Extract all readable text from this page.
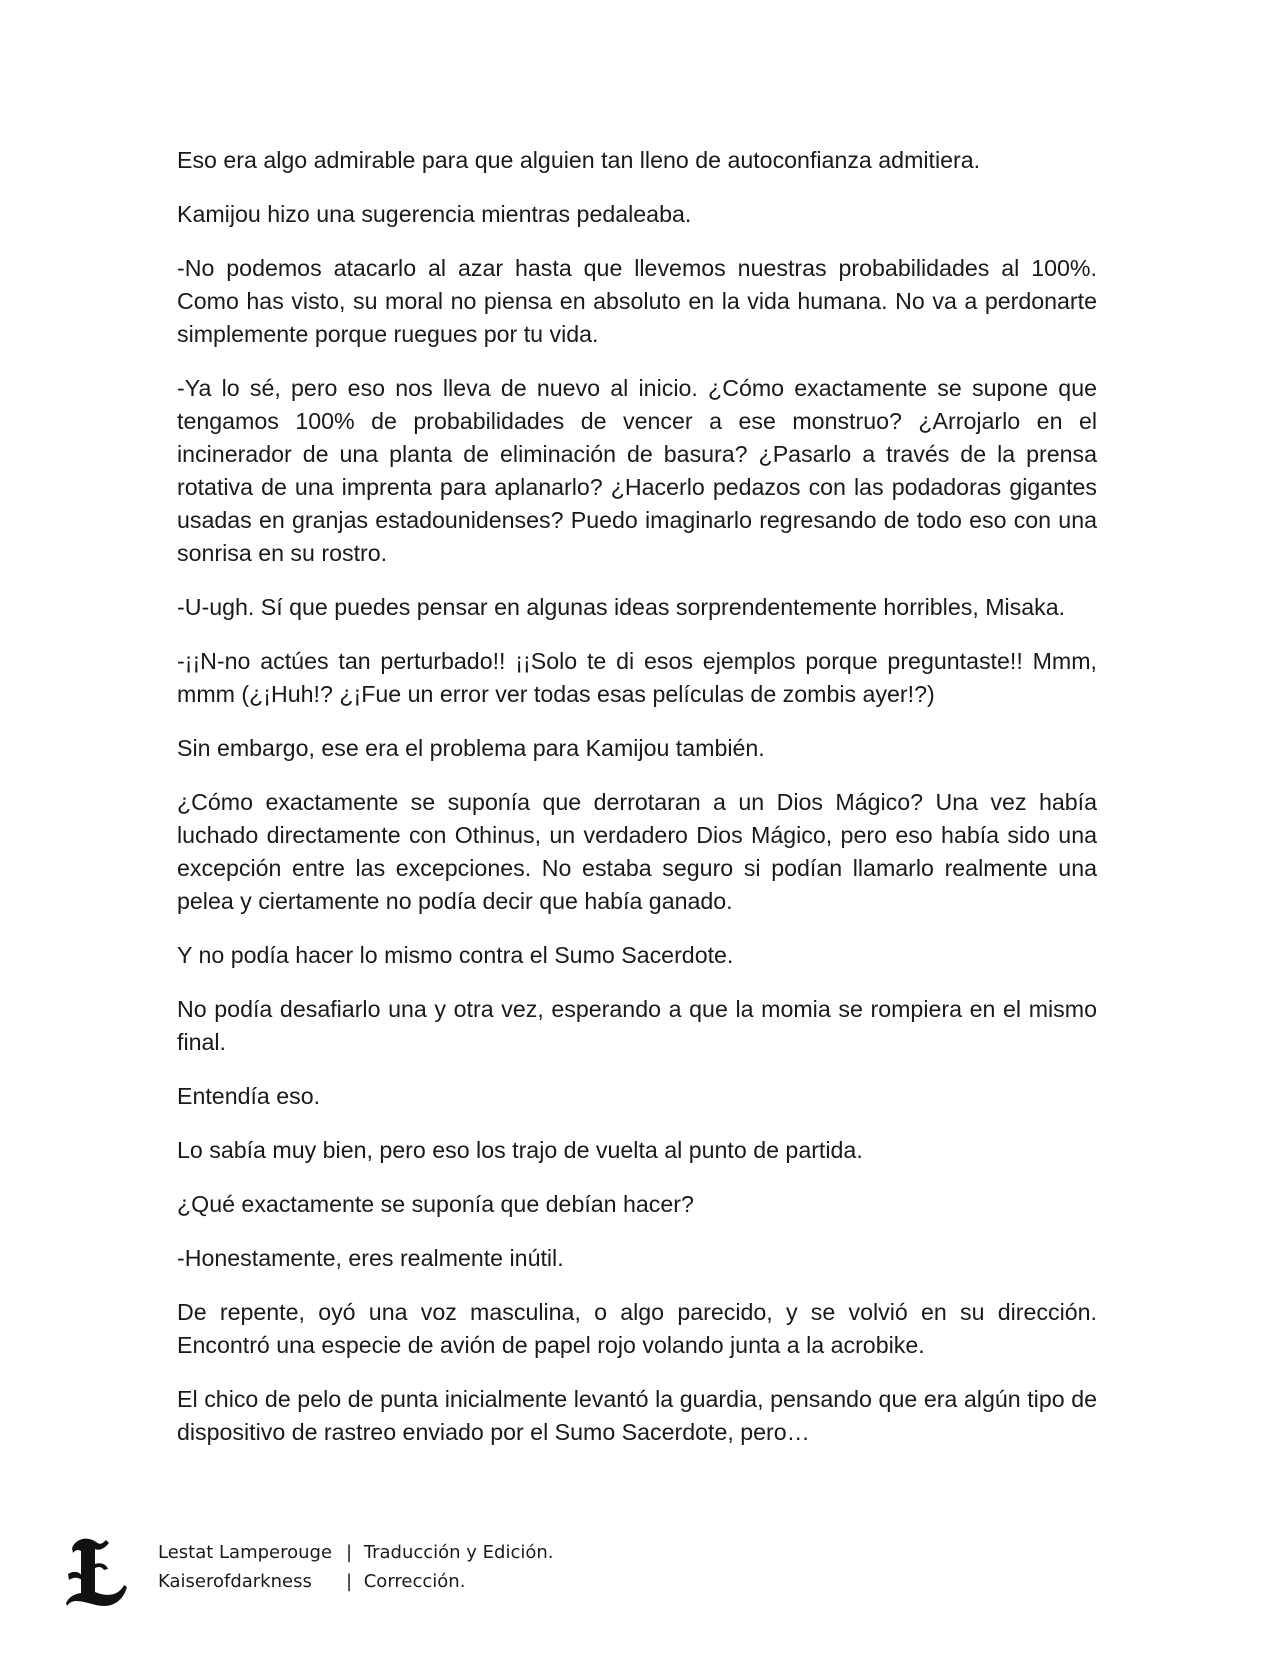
Eso era algo admirable para que alguien tan lleno de autoconfianza admitiera.

Kamijou hizo una sugerencia mientras pedaleaba.

-No podemos atacarlo al azar hasta que llevemos nuestras probabilidades al 100%. Como has visto, su moral no piensa en absoluto en la vida humana. No va a perdonarte simplemente porque ruegues por tu vida.

-Ya lo sé, pero eso nos lleva de nuevo al inicio. ¿Cómo exactamente se supone que tengamos 100% de probabilidades de vencer a ese monstruo? ¿Arrojarlo en el incinerador de una planta de eliminación de basura? ¿Pasarlo a través de la prensa rotativa de una imprenta para aplanarlo? ¿Hacerlo pedazos con las podadoras gigantes usadas en granjas estadounidenses? Puedo imaginarlo regresando de todo eso con una sonrisa en su rostro.

-U-ugh. Sí que puedes pensar en algunas ideas sorprendentemente horribles, Misaka.

-¡¡N-no actúes tan perturbado!! ¡¡Solo te di esos ejemplos porque preguntaste!! Mmm, mmm (¿¡Huh!? ¿¡Fue un error ver todas esas películas de zombis ayer!?)

Sin embargo, ese era el problema para Kamijou también.

¿Cómo exactamente se suponía que derrotaran a un Dios Mágico? Una vez había luchado directamente con Othinus, un verdadero Dios Mágico, pero eso había sido una excepción entre las excepciones. No estaba seguro si podían llamarlo realmente una pelea y ciertamente no podía decir que había ganado.

Y no podía hacer lo mismo contra el Sumo Sacerdote.

No podía desafiarlo una y otra vez, esperando a que la momia se rompiera en el mismo final.

Entendía eso.

Lo sabía muy bien, pero eso los trajo de vuelta al punto de partida.

¿Qué exactamente se suponía que debían hacer?

-Honestamente, eres realmente inútil.

De repente, oyó una voz masculina, o algo parecido, y se volvió en su dirección. Encontró una especie de avión de papel rojo volando junta a la acrobike.

El chico de pelo de punta inicialmente levantó la guardia, pensando que era algún tipo de dispositivo de rastreo enviado por el Sumo Sacerdote, pero…

Lestat Lamperouge | Traducción y Edición.
Kaiserofdarkness | Corrección.
